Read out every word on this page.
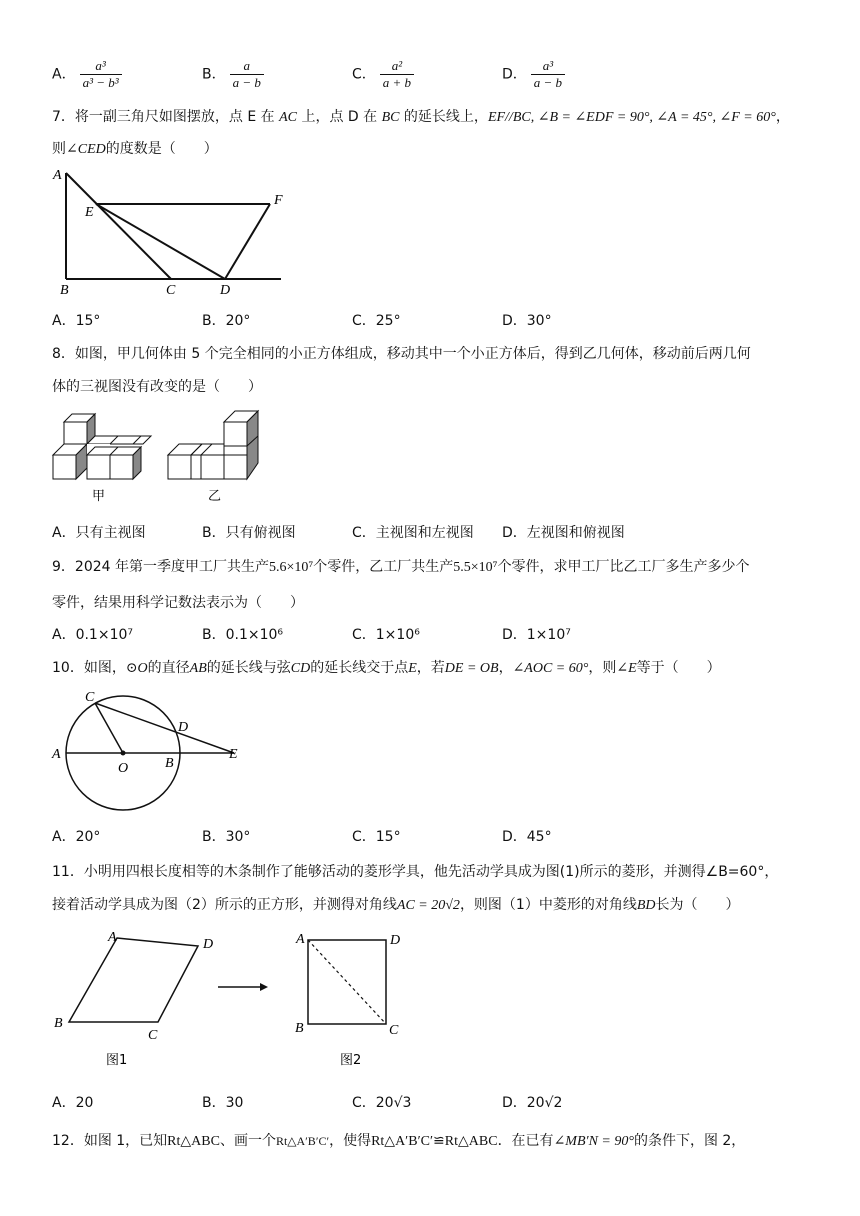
A． $\frac{\text{a³}}{\text{a³ − b³}}$	B． $\frac{a}{a - b}$	C． $\frac{\text{a²}}{a + b}$	D． $\frac{\text{a³}}{a - b}$
7．将一副三角尺如图摆放，点 E 在 AC 上，点 D 在 BC 的延长线上，EF//BC, ∠B = ∠EDF = 90°, ∠A = 45°, ∠F = 60°，
则∠CED的度数是（　　）
A
E
F
B	C	D
A．15°	B．20°	C．25°	D．30°
8．如图，甲几何体由 5 个完全相同的小正方体组成，移动其中一个小正方体后，得到乙几何体，移动前后两几何
体的三视图没有改变的是（　　）
甲	乙
A．只有主视图	B．只有俯视图	C．主视图和左视图 D．左视图和俯视图
9．2024 年第一季度甲工厂共生产5.6×10⁷个零件，乙工厂共生产5.5×10⁷个零件，求甲工厂比乙工厂多生产多少个
零件，结果用科学记数法表示为（　　）
A．0.1×10⁷	B．0.1×10⁶	C．1×10⁶	D．1×10⁷
10．如图，⊙O的直径AB的延长线与弦CD的延长线交于点E，若DE = OB，∠AOC = 60°，则∠E等于（　　）
C
D
A
O	B
E
A．20°	B．30°	C．15°	D．45°
11．小明用四根长度相等的木条制作了能够活动的菱形学具，他先活动学具成为图(1)所示的菱形，并测得∠B=60°，
接着活动学具成为图（2）所示的正方形，并测得对角线AC = 20√2，则图（1）中菱形的对角线BD长为（　　）
A	D
B
C
图1
A	D
B	C
图2
A．20	B．30	C．20√3	D．20√2
12．如图 1，已知Rt△ABC、画一个Rt△A′B′C′，使得Rt△A′B′C′≌Rt△ABC．在已有∠MB′N = 90°的条件下，图 2，
